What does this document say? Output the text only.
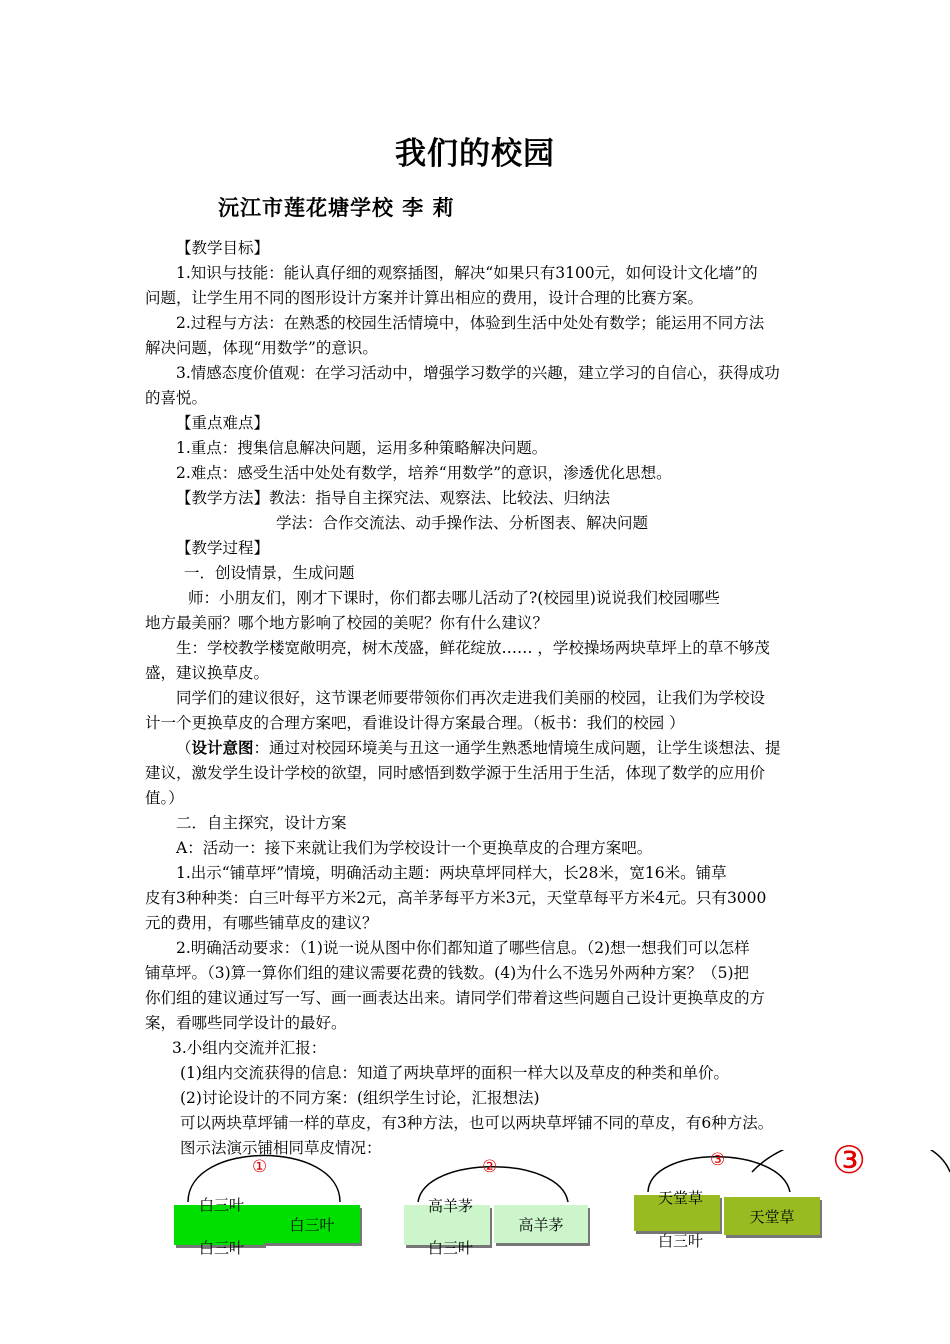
我们的校园
沅江市莲花塘学校 李 莉
【教学目标】
1.知识与技能：能认真仔细的观察插图，解决“如果只有3100元，如何设计文化墙”的
问题，让学生用不同的图形设计方案并计算出相应的费用，设计合理的比赛方案。
2.过程与方法：在熟悉的校园生活情境中，体验到生活中处处有数学；能运用不同方法
解决问题，体现“用数学”的意识。
3.情感态度价值观：在学习活动中，增强学习数学的兴趣，建立学习的自信心，获得成功
的喜悦。
【重点难点】
1.重点：搜集信息解决问题，运用多种策略解决问题。
2.难点：感受生活中处处有数学，培养“用数学”的意识，渗透优化思想。
【教学方法】教法：指导自主探究法、观察法、比较法、归纳法
学法：合作交流法、动手操作法、分析图表、解决问题
【教学过程】
一．创设情景，生成问题
师：小朋友们，刚才下课时，你们都去哪儿活动了?(校园里)说说我们校园哪些
地方最美丽？哪个地方影响了校园的美呢？你有什么建议？
生：学校教学楼宽敞明亮，树木茂盛，鲜花绽放…… ，学校操场两块草坪上的草不够茂
盛，建议换草皮。
同学们的建议很好，这节课老师要带领你们再次走进我们美丽的校园，让我们为学校设
计一个更换草皮的合理方案吧，看谁设计得方案最合理。（板书：我们的校园 ）
（设计意图：通过对校园环境美与丑这一通学生熟悉地情境生成问题，让学生谈想法、提
建议，激发学生设计学校的欲望，同时感悟到数学源于生活用于生活，体现了数学的应用价
值。）
二．自主探究，设计方案
A：活动一：接下来就让我们为学校设计一个更换草皮的合理方案吧。
1.出示“铺草坪”情境，明确活动主题：两块草坪同样大，长28米，宽16米。铺草
皮有3种种类：白三叶每平方米2元，高羊茅每平方米3元，天堂草每平方米4元。只有3000
元的费用，有哪些铺草皮的建议？
2.明确活动要求：（1)说一说从图中你们都知道了哪些信息。（2)想一想我们可以怎样
铺草坪。（3)算一算你们组的建议需要花费的钱数。(4)为什么不选另外两种方案？（5)把
你们组的建议通过写一写、画一画表达出来。请同学们带着这些问题自己设计更换草皮的方
案，看哪些同学设计的最好。
3.小组内交流并汇报：
(1)组内交流获得的信息：知道了两块草坪的面积一样大以及草皮的种类和单价。
(2)讨论设计的不同方案：(组织学生讨论，汇报想法)
可以两块草坪铺一样的草皮，有3种方法，也可以两块草坪铺不同的草皮，有6种方法。
图示法演示铺相同草皮情况：
①
白三叶
白三叶
白三叶
②
高羊茅
高羊茅
白三叶
③	③
天堂草
天堂草
白三叶
